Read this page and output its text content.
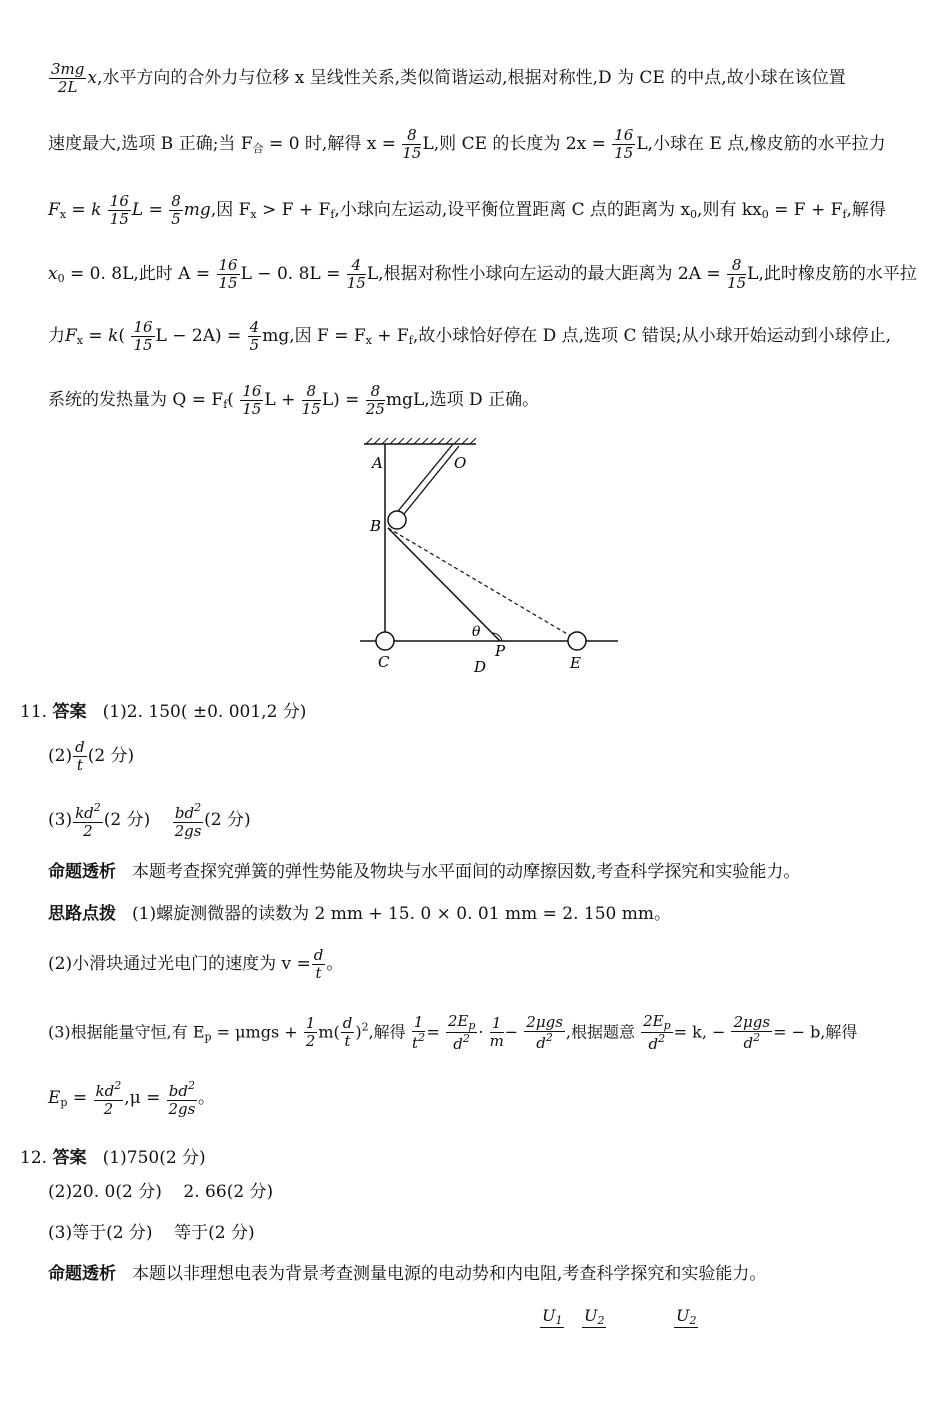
$\frac{3mg}{2L} x$,水平方向的合外力与位移 x 呈线性关系,类似简谐运动,根据对称性,D 为 CE 的中点,故小球在该位置
速度最大,选项 B 正确;当 $F_合 = 0$ 时,解得 $x = \frac{8}{15} L$,则 CE 的长度为 $2x = \frac{16}{15} L$,小球在 E 点,橡皮筋的水平拉力
$F_x = k \frac{16}{15}$ $L = \frac{8}{5}$ mg,因 $F_x > F + F_f$,小球向左运动,设平衡位置距离 C 点的距离为 $x_0$,则有 $kx_0 = F + F_f$,解得
$x_0 = 0$. 8L,此时 $A = \frac{16}{15}$ L − 0. $8L = \frac{4}{15} L$,根据对称性小球向左运动的最大距离为 $2A = \frac{8}{15} L$,此时橡皮筋的水平拉
力$F_x = k( \frac{16}{15}$ $L - 2A) = \frac{4}{5}$ mg,因 $F = F_x + F_f$,故小球恰好停在 D 点,选项 C 错误;从小球开始运动到小球停止,
系统的发热量为 $Q = F_f( \frac{16}{15}$ $L + \frac{8}{15} L) = \frac{8}{25}$ mgL,选项 D 正确。
A	O
B
C	D
P
E
θ
11. 答案 (1)2. 150( ±0. 001,2 分)
$(2) \frac{d}{t} (2$ 分)
$(3) \frac{kd^2}{2} (2$ 分) $\frac{bd^2}{2gs} (2$ 分)
命题透析 本题考查探究弹簧的弹性势能及物块与水平面间的动摩擦因数,考查科学探究和实验能力。
思路点拨 (1)螺旋测微器的读数为 2 mm + 15. 0 × 0. 01 mm = 2. 150 mm。
(2)小滑块通过光电门的速度为 $v = \frac{d}{t}$ 。
(3)根据能量守恒,有 $E_p = \mu mgs + \frac{1}{2} m( \frac{d}{t} )^2$,解得 $\frac{1}{t^2} = \frac{2E_p}{d^2} \cdot \frac{1}{m} - \frac{\text{2μgs}}{d^2}$ ,根据题意 $\frac{2E_p}{d^2} = k$, − $\frac{\text{2μgs}}{d^2}$ = − b,解得
$E_p = \frac{kd^2}{2} ,\mu = \frac{bd^2}{2gs}$ 。
12. 答案 (1)750(2 分)
(2)20. 0(2 分)    2. 66(2 分)
(3)等于(2 分)    等于(2 分)
命题透析 本题以非理想电表为背景考查测量电源的电动势和内电阻,考查科学探究和实验能力。
$U_1$ $U_2$	$U_2$
